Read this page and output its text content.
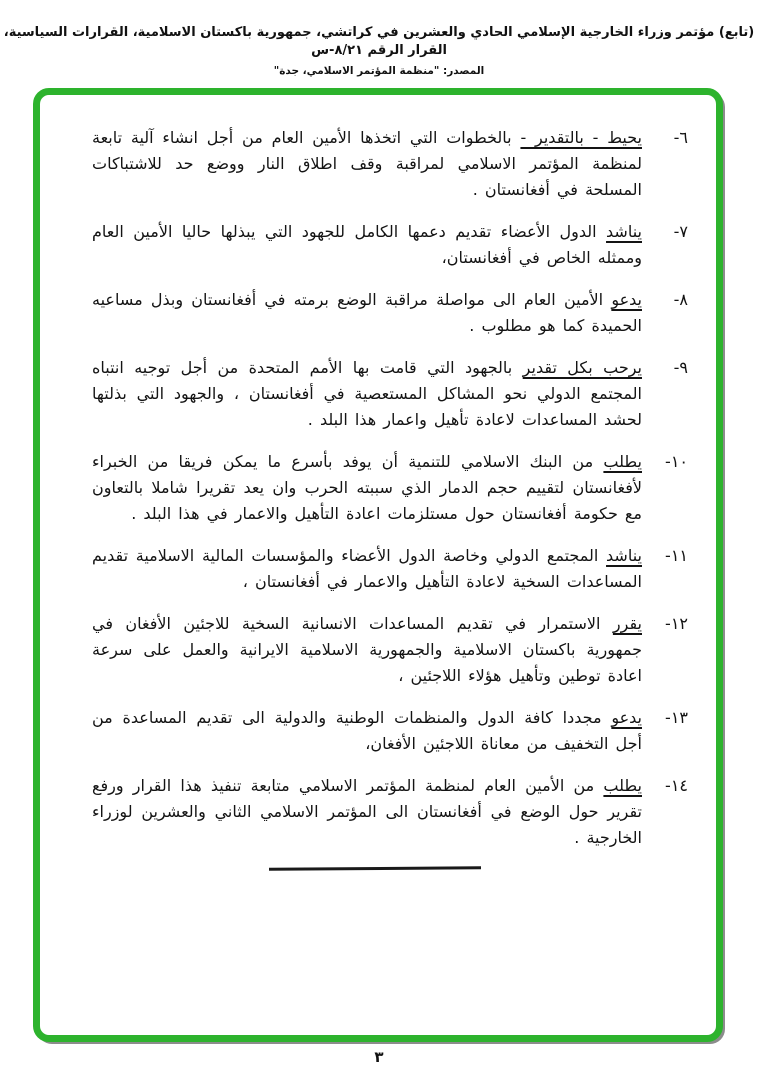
(تابع) مؤتمر وزراء الخارجية الإسلامي الحادي والعشرين في كراتشي، جمهورية باكستان الاسلامية، القرارات السياسية، القرار الرقم ٨/٢١-س
المصدر: "منظمة المؤتمر الاسلامي، جدة"
٦-
يحيط - بالتقدير - بالخطوات التي اتخذها الأمين العام من أجل انشاء آلية تابعة لمنظمة المؤتمر الاسلامي لمراقبة وقف اطلاق النار ووضع حد للاشتباكات المسلحة في أفغانستان .
٧-
يناشد الدول الأعضاء تقديم دعمها الكامل للجهود التي يبذلها حاليا الأمين العام وممثله الخاص في أفغانستان،
٨-
يدعو الأمين العام الى مواصلة مراقبة الوضع برمته في أفغانستان وبذل مساعيه الحميدة كما هو مطلوب .
٩-
يرحب بكل تقدير بالجهود التي قامت بها الأمم المتحدة من أجل توجيه انتباه المجتمع الدولي نحو المشاكل المستعصية في أفغانستان ، والجهود التي بذلتها لحشد المساعدات لاعادة تأهيل واعمار هذا البلد .
١٠-
يطلب من البنك الاسلامي للتنمية أن يوفد بأسرع ما يمكن فريقا من الخبراء لأفغانستان لتقييم حجم الدمار الذي سببته الحرب وان يعد تقريرا شاملا بالتعاون مع حكومة أفغانستان حول مستلزمات اعادة التأهيل والاعمار في هذا البلد .
١١-
يناشد المجتمع الدولي وخاصة الدول الأعضاء والمؤسسات المالية الاسلامية تقديم المساعدات السخية لاعادة التأهيل والاعمار في أفغانستان ،
١٢-
يقرر الاستمرار في تقديم المساعدات الانسانية السخية للاجئين الأفغان في جمهورية باكستان الاسلامية والجمهورية الاسلامية الايرانية والعمل على سرعة اعادة توطين وتأهيل هؤلاء اللاجئين ،
١٣-
يدعو مجددا كافة الدول والمنظمات الوطنية والدولية الى تقديم المساعدة من أجل التخفيف من معاناة اللاجئين الأفغان،
١٤-
يطلب من الأمين العام لمنظمة المؤتمر الاسلامي متابعة تنفيذ هذا القرار ورفع تقرير حول الوضع في أفغانستان الى المؤتمر الاسلامي الثاني والعشرين لوزراء الخارجية .
٣
